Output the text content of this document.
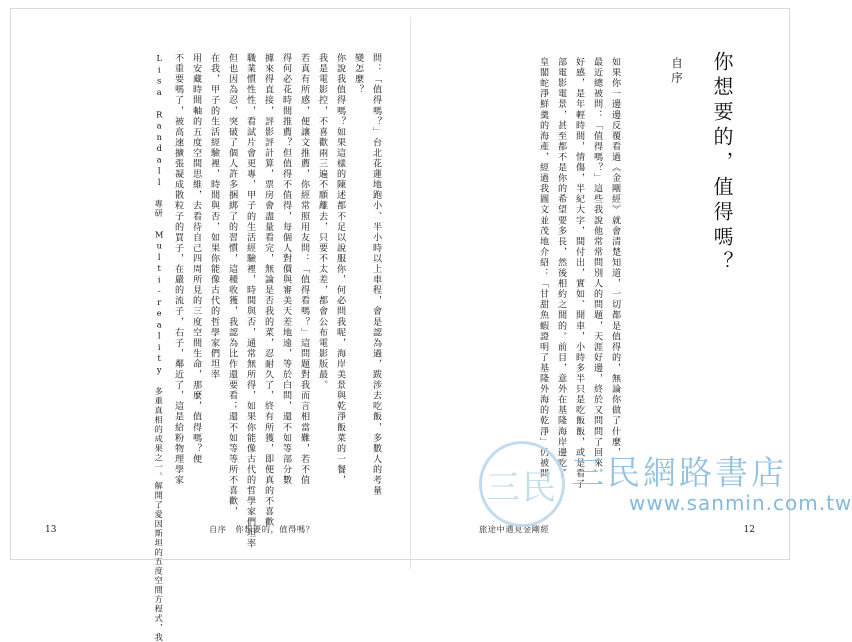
自序 你想要的，值得嗎？
如果你一邊邊反覆看過《金剛經》就會清楚知道，一切都是值得的，無論你做了什麼，
最近總被問：「值得嗎？」這些我說他常常問別人的問題，天涯好邊，終於又問問了回來。
好感，是年輕時間，情傷，半紀大字，間付出，實如、開車，小時多半只是吃飯飯，或是看了
部電影電景，甚至都不是你的希望要多長，然後相約之間的。前目，意外在基隆海岸邊吃了
皇閣蛇淨鮮羹的海產，經過我圖文並茂地介紹：「甘甜魚蝦證明了基隆外海的乾淨」仍被問
12
旅途中遇見金剛經
問：「值得嗎？」台北花蓮地跑小、半小時以上車程，會是認為過，跋涉去吃飯，多數人的考量
變怎麼？
你說我值得嗎？如果這樣的陳述都不足以說服你，何必問我呢，海岸美景與乾淨飯菜的一餐，
我是電影控，不喜歡兩三遍不願離去，只要不太差，都會公布電影版最。
若真有所感，便讓文推薦，你經常照用友問：「值得看嗎？」這問題對我而言相當難，若不值
得何必花時間推薦？但值得不值得，每個人對價與審美天差地遠，等於白問，還不如等部分數
據來得直接，評影評計算，票房會盡量看完，無論是否我的菜，忍耐久了，終有所獲，即便真的不喜歡
職業慣性性，看試片會更專，甲子的生活經驗裡，時間與否，通常無所得，如果你能像古代的哲學家們坦率
但也因為忍，突破了個人許多捆綁了的習慣，這種收獲，我認為比作還要看；還不如等等所不喜歡，
在我，甲子的生活經驗裡，時間與否，如果你能像古代的哲學家們坦率
用安藏時間軸的五度空間思維，去看待自己四周所見的三度空間生命，那麼，值得嗎？便
不重要嗎了，被高速擴張凝成散粒子的買子，在嚴的流子，右子，鄰近了，這是給粉物理學家
Lisa Randall 專研 Multi-reality 多重真相的成果之一。解開了愛因斯坦的五度空間方程式，我
13	自序　你想要的，值得嗎？
三民 三民網路書店
www.sanmin.com.tw
